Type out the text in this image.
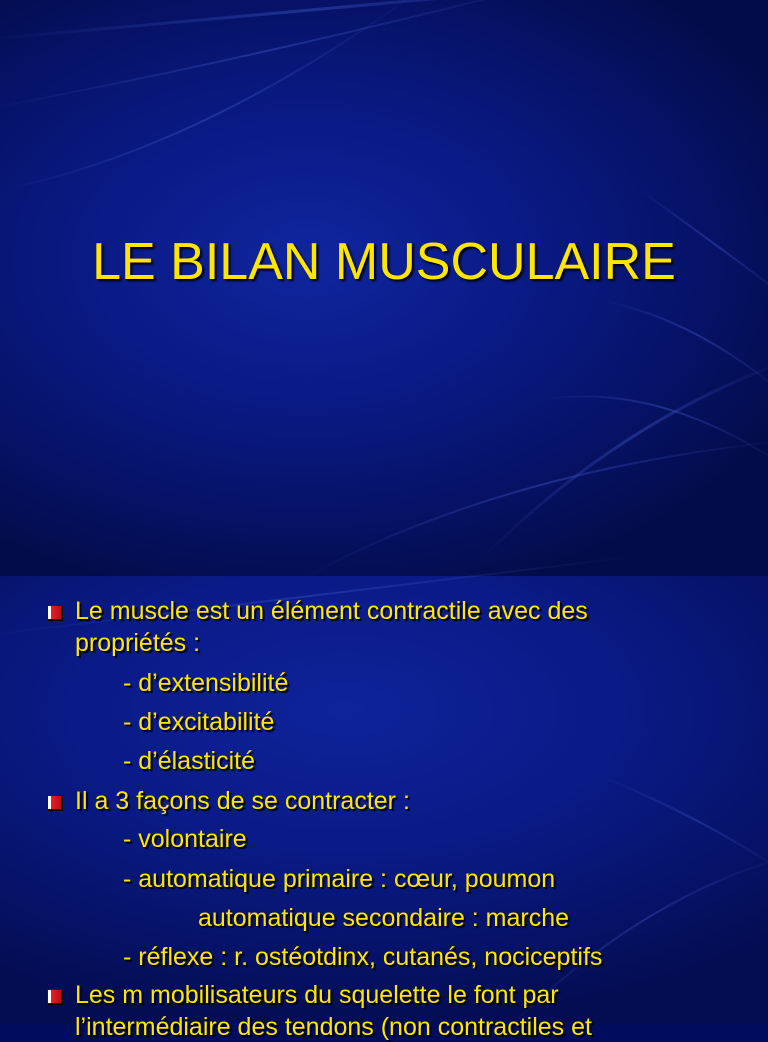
LE BILAN MUSCULAIRE
Le muscle est un élément contractile avec des
propriétés :
- d’extensibilité
- d’excitabilité
- d’élasticité
Il a 3 façons de se contracter :
- volontaire
- automatique primaire : cœur, poumon
automatique secondaire : marche
- réflexe : r. ostéotdinx, cutanés, nociceptifs
Les m mobilisateurs du squelette le font par
l’intermédiaire des tendons (non contractiles et
